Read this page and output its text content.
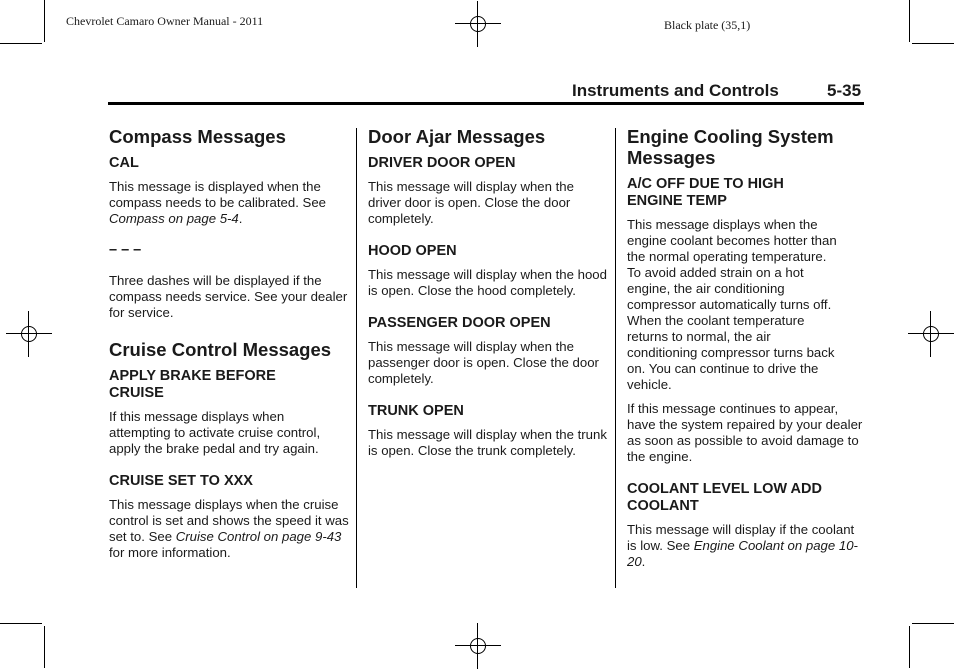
Chevrolet Camaro Owner Manual - 2011	Black plate (35,1)
Instruments and Controls	5-35
Compass Messages
CAL
This message is displayed when the compass needs to be calibrated. See Compass on page 5-4.
– – –
Three dashes will be displayed if the compass needs service. See your dealer for service.
Cruise Control Messages
APPLY BRAKE BEFORE CRUISE
If this message displays when attempting to activate cruise control, apply the brake pedal and try again.
CRUISE SET TO XXX
This message displays when the cruise control is set and shows the speed it was set to. See Cruise Control on page 9-43 for more information.
Door Ajar Messages
DRIVER DOOR OPEN
This message will display when the driver door is open. Close the door completely.
HOOD OPEN
This message will display when the hood is open. Close the hood completely.
PASSENGER DOOR OPEN
This message will display when the passenger door is open. Close the door completely.
TRUNK OPEN
This message will display when the trunk is open. Close the trunk completely.
Engine Cooling System Messages
A/C OFF DUE TO HIGH ENGINE TEMP
This message displays when the engine coolant becomes hotter than the normal operating temperature. To avoid added strain on a hot engine, the air conditioning compressor automatically turns off. When the coolant temperature returns to normal, the air conditioning compressor turns back on. You can continue to drive the vehicle.
If this message continues to appear, have the system repaired by your dealer as soon as possible to avoid damage to the engine.
COOLANT LEVEL LOW ADD COOLANT
This message will display if the coolant is low. See Engine Coolant on page 10-20.
